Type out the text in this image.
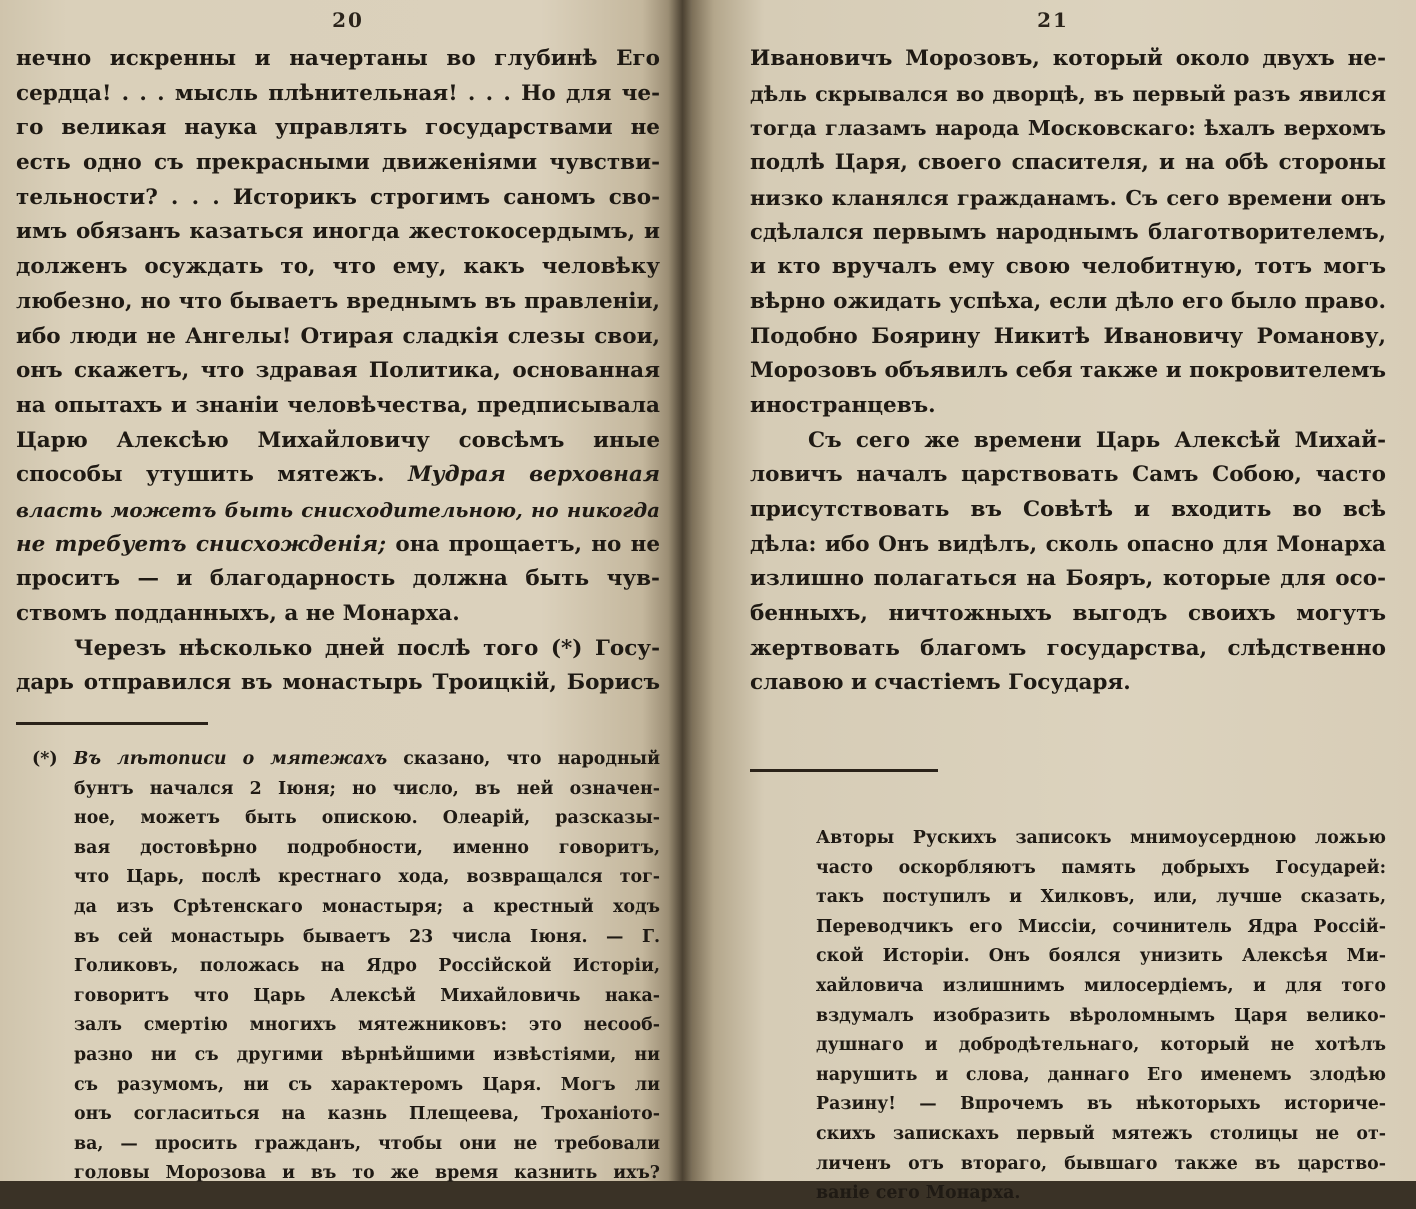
20
нечно искренны и начертаны во глубинѣ Его
сердца! . . . мысль плѣнительная! . . . Но для че-
го великая наука управлять государствами не
есть одно съ прекрасными движеніями чувстви-
тельности? . . . Историкъ строгимъ саномъ сво-
имъ обязанъ казаться иногда жестокосердымъ, и
долженъ осуждать то, что ему, какъ человѣку
любезно, но что бываетъ вреднымъ въ правленіи,
ибо люди не Ангелы! Отирая сладкія слезы свои,
онъ скажетъ, что здравая Политика, основанная
на опытахъ и знаніи человѣчества, предписывала
Царю Алексѣю Михайловичу совсѣмъ иные
способы утушить мятежъ. Мудрая верховная
власть можетъ быть снисходительною, но никогда
не требуетъ снисхожденія; она прощаетъ, но не
проситъ — и благодарность должна быть чув-
ствомъ подданныхъ, а не Монарха.
Черезъ нѣсколько дней послѣ того (*) Госу-
дарь отправился въ монастырь Троицкій, Борисъ
(*) Въ лѣтописи о мятежахъ сказано, что народный
бунтъ начался 2 Іюня; но число, въ ней означен-
ное, можетъ быть опискою. Олеарій, разсказы-
вая достовѣрно подробности, именно говоритъ,
что Царь, послѣ крестнаго хода, возвращался тог-
да изъ Срѣтенскаго монастыря; а крестный ходъ
въ сей монастырь бываетъ 23 числа Іюня. — Г.
Голиковъ, положась на Ядро Россійской Исторіи,
говоритъ что Царь Алексѣй Михайловичь нака-
залъ смертію многихъ мятежниковъ: это несооб-
разно ни съ другими вѣрнѣйшими извѣстіями, ни
съ разумомъ, ни съ характеромъ Царя. Могъ ли
онъ согласиться на казнь Плещеева, Троханіото-
ва, — просить гражданъ, чтобы они не требовали
головы Морозова и въ то же время казнить ихъ?
21
Ивановичъ Морозовъ, который около двухъ не-
дѣль скрывался во дворцѣ, въ первый разъ явился
тогда глазамъ народа Московскаго: ѣхалъ верхомъ
подлѣ Царя, своего спасителя, и на обѣ стороны
низко кланялся гражданамъ. Съ сего времени онъ
сдѣлался первымъ народнымъ благотворителемъ,
и кто вручалъ ему свою челобитную, тотъ могъ
вѣрно ожидать успѣха, если дѣло его было право.
Подобно Боярину Никитѣ Ивановичу Романову,
Морозовъ объявилъ себя также и покровителемъ
иностранцевъ.
Съ сего же времени Царь Алексѣй Михай-
ловичъ началъ царствовать Самъ Собою, часто
присутствовать въ Совѣтѣ и входить во всѣ
дѣла: ибо Онъ видѣлъ, сколь опасно для Монарха
излишно полагаться на Бояръ, которые для осо-
бенныхъ, ничтожныхъ выгодъ своихъ могутъ
жертвовать благомъ государства, слѣдственно
славою и счастіемъ Государя.
Авторы Рускихъ записокъ мнимоусердною ложью
часто оскорбляютъ память добрыхъ Государей:
такъ поступилъ и Хилковъ, или, лучше сказать,
Переводчикъ его Миссіи, сочинитель Ядра Россій-
ской Исторіи. Онъ боялся унизить Алексѣя Ми-
хайловича излишнимъ милосердіемъ, и для того
вздумалъ изобразить вѣроломнымъ Царя велико-
душнаго и добродѣтельнаго, который не хотѣлъ
нарушить и слова, даннаго Его именемъ злодѣю
Разину! — Впрочемъ въ нѣкоторыхъ историче-
скихъ запискахъ первый мятежъ столицы не от-
личенъ отъ втораго, бывшаго также въ царство-
ваніе сего Монарха.
